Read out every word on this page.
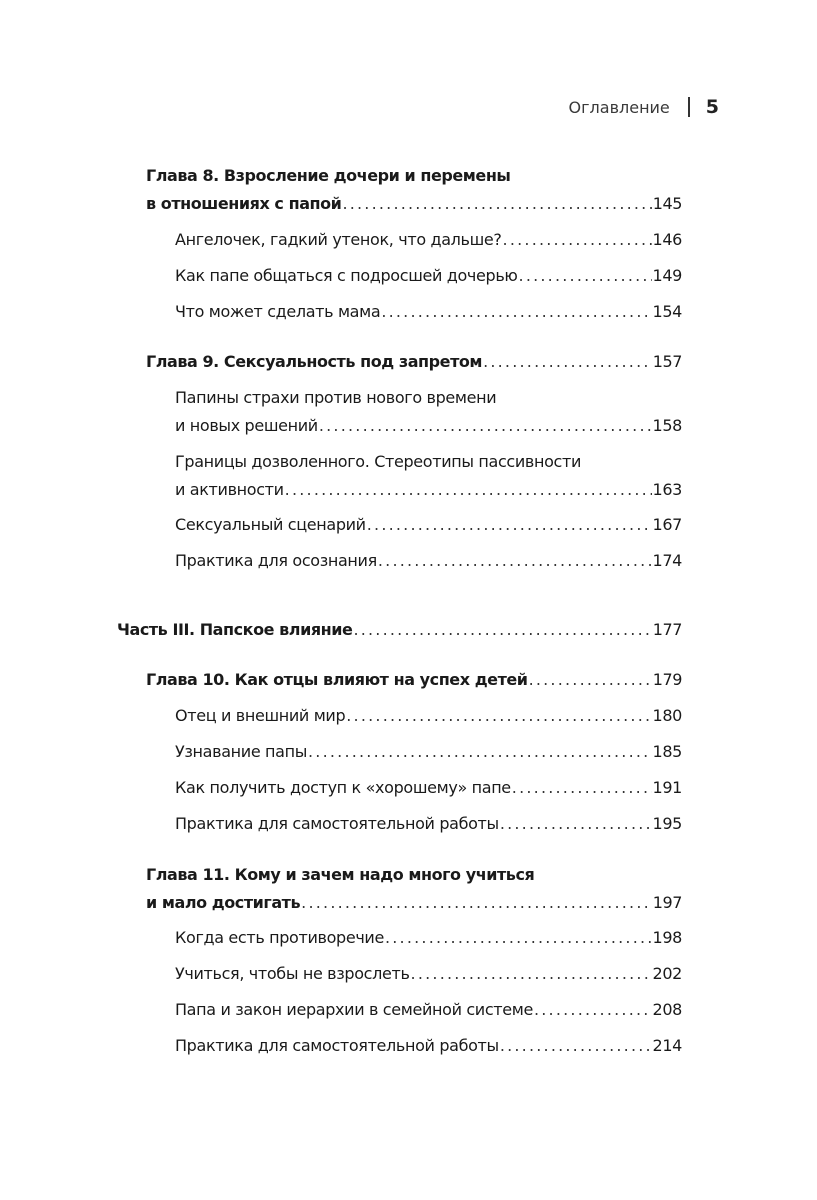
Оглавление 5
Глава 8. Взросление дочери и перемены
в отношениях с папой .....	145
Ангелочек, гадкий утенок, что дальше? .....	146
Как папе общаться с подросшей дочерью .....	149
Что может сделать мама .....	154
Глава 9. Сексуальность под запретом .....	157
Папины страхи против нового времени
и новых решений .....	158
Границы дозволенного. Стереотипы пассивности
и активности .....	163
Сексуальный сценарий .....	167
Практика для осознания .....	174
Часть III. Папское влияние .....	177
Глава 10. Как отцы влияют на успех детей .....	179
Отец и внешний мир .....	180
Узнавание папы .....	185
Как получить доступ к «хорошему» папе .....	191
Практика для самостоятельной работы .....	195
Глава 11. Кому и зачем надо много учиться
и мало достигать .....	197
Когда есть противоречие .....	198
Учиться, чтобы не взрослеть .....	202
Папа и закон иерархии в семейной системе .....	208
Практика для самостоятельной работы .....	214
